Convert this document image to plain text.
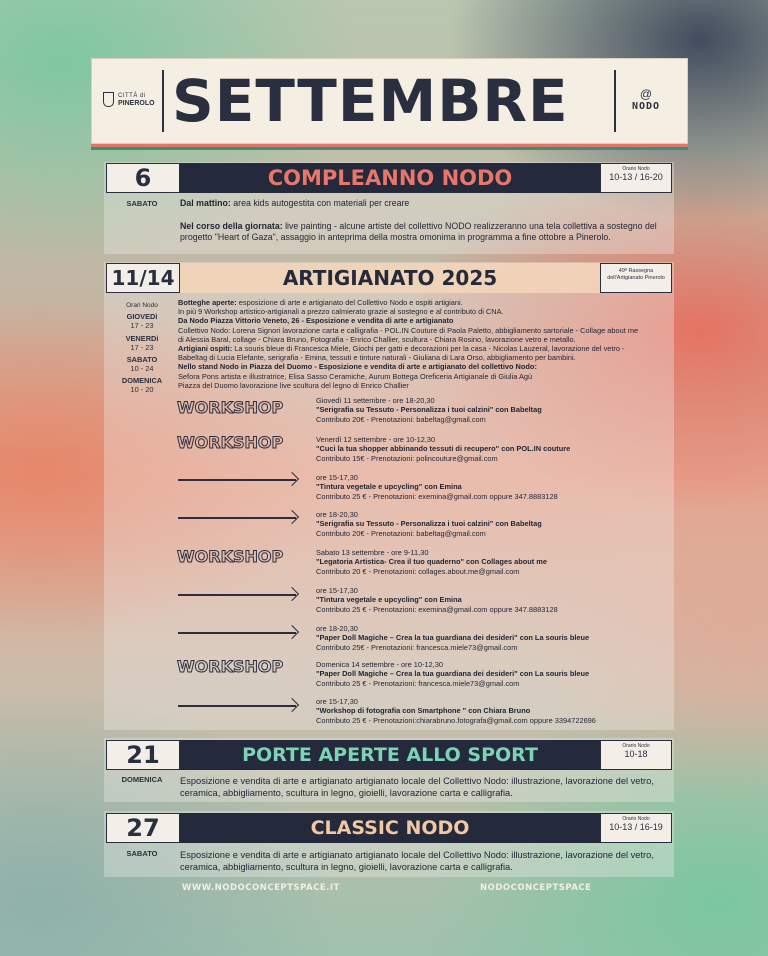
CITTÀ di
PINEROLO SETTEMBRE	@
NODO
6	COMPLEANNO NODO	Orario Nodo
10-13 / 16-20
SABATO	Dal mattino: area kids autogestita con materiali per creare
Nel corso della giornata: live painting - alcune artiste del collettivo NODO realizzeranno una tela collettiva a sostegno del progetto "Heart of Gaza", assaggio in anteprima della mostra omonima in programma a fine ottobre a Pinerolo.
11/14	ARTIGIANATO 2025	49ª Rassegna dell'Artigianato Pinerolo
Orari Nodo
GIOVEDì
17 - 23
VENERDì
17 - 23
SABATO
10 - 24
DOMENICA
10 - 20
Botteghe aperte: esposizione di arte e artigianato del Collettivo Nodo e ospiti artigiani.
In più 9 Workshop artistico-artigianali a prezzo calmierato grazie al sostegno e al contributo di CNA.
Da Nodo Piazza Vittorio Veneto, 26 - Esposizione e vendita di arte e artigianato
Collettivo Nodo: Lorena Signori lavorazione carta e calligrafia - POL.IN Couture di Paola Paletto, abbigliamento sartoriale - Collage about me
di Alessia Baral, collage - Chiara Bruno, Fotografia - Enrico Challier, scultura - Chiara Rosino, lavorazione vetro e metallo.
Artigiani ospiti: La souris bleue di Francesca Miele, Giochi per gatti e decorazioni per la casa - Nicolas Lauzeral, lavorazione del vetro -
Babeltag di Lucia Elefante, serigrafia - Emina, tessuti e tinture naturali - Giuliana di Lara Orso, abbigliamento per bambini.
Nello stand Nodo in Piazza del Duomo - Esposizione e vendita di arte e artigianato del collettivo Nodo:
Sefora Pons artista e illustratrice, Elisa Sasso Ceramiche, Aurum Bottega Oreficeria Artigianale di Giulia Agù
Piazza del Duomo lavorazione live scultura del legno di Enrico Challier
WORKSHOP	Giovedì 11 settembre - ore 18-20,30
"Serigrafia su Tessuto - Personalizza i tuoi calzini" con Babeltag
Contributo 20€ - Prenotazioni: babeltag@gmail.com
WORKSHOP	Venerdì 12 settembre - ore 10-12,30
"Cuci la tua shopper abbinando tessuti di recupero" con POL.IN couture
Contributo 15€ - Prenotazioni: polincouture@gmail.com
ore 15-17,30
"Tintura vegetale e upcycling" con Emina
Contributo 25 € - Prenotazioni: exemina@gmail.com oppure 347.8883128
ore 18-20,30
"Serigrafia su Tessuto - Personalizza i tuoi calzini" con Babeltag
Contributo 20€ - Prenotazioni: babeltag@gmail.com
WORKSHOP	Sabato 13 settembre - ore 9-11,30
"Legatoria Artistica- Crea il tuo quaderno" con Collages about me
Contributo 20 € - Prenotazioni: collages.about.me@gmail.com
ore 15-17,30
"Tintura vegetale e upcycling" con Emina
Contributo 25 € - Prenotazioni: exemina@gmail.com oppure 347.8883128
ore 18-20,30
"Paper Doll Magiche – Crea la tua guardiana dei desideri" con La souris bleue
Contributo 25€ - Prenotazioni: francesca.miele73@gmail.com
WORKSHOP	Domenica 14 settembre - ore 10-12,30
"Paper Doll Magiche – Crea la tua guardiana dei desideri" con La souris bleue
Contributo 25 € - Prenotazioni: francesca.miele73@gmail.com
ore 15-17,30
"Workshop di fotografia con Smartphone " con Chiara Bruno
Contributo 25 € - Prenotazioni:chiarabruno.fotografa@gmail.com oppure 3394722696
21	PORTE APERTE ALLO SPORT	Orario Nodo
10-18
DOMENICA	Esposizione e vendita di arte e artigianato artigianato locale del Collettivo Nodo: illustrazione, lavorazione del vetro, ceramica, abbigliamento, scultura in legno, gioielli, lavorazione carta e calligrafia.
27	CLASSIC NODO	Orario Nodo
10-13 / 16-19
SABATO	Esposizione e vendita di arte e artigianato artigianato locale del Collettivo Nodo: illustrazione, lavorazione del vetro, ceramica, abbigliamento, scultura in legno, gioielli, lavorazione carta e calligrafia.
WWW.NODOCONCEPTSPACE.IT	NODOCONCEPTSPACE
